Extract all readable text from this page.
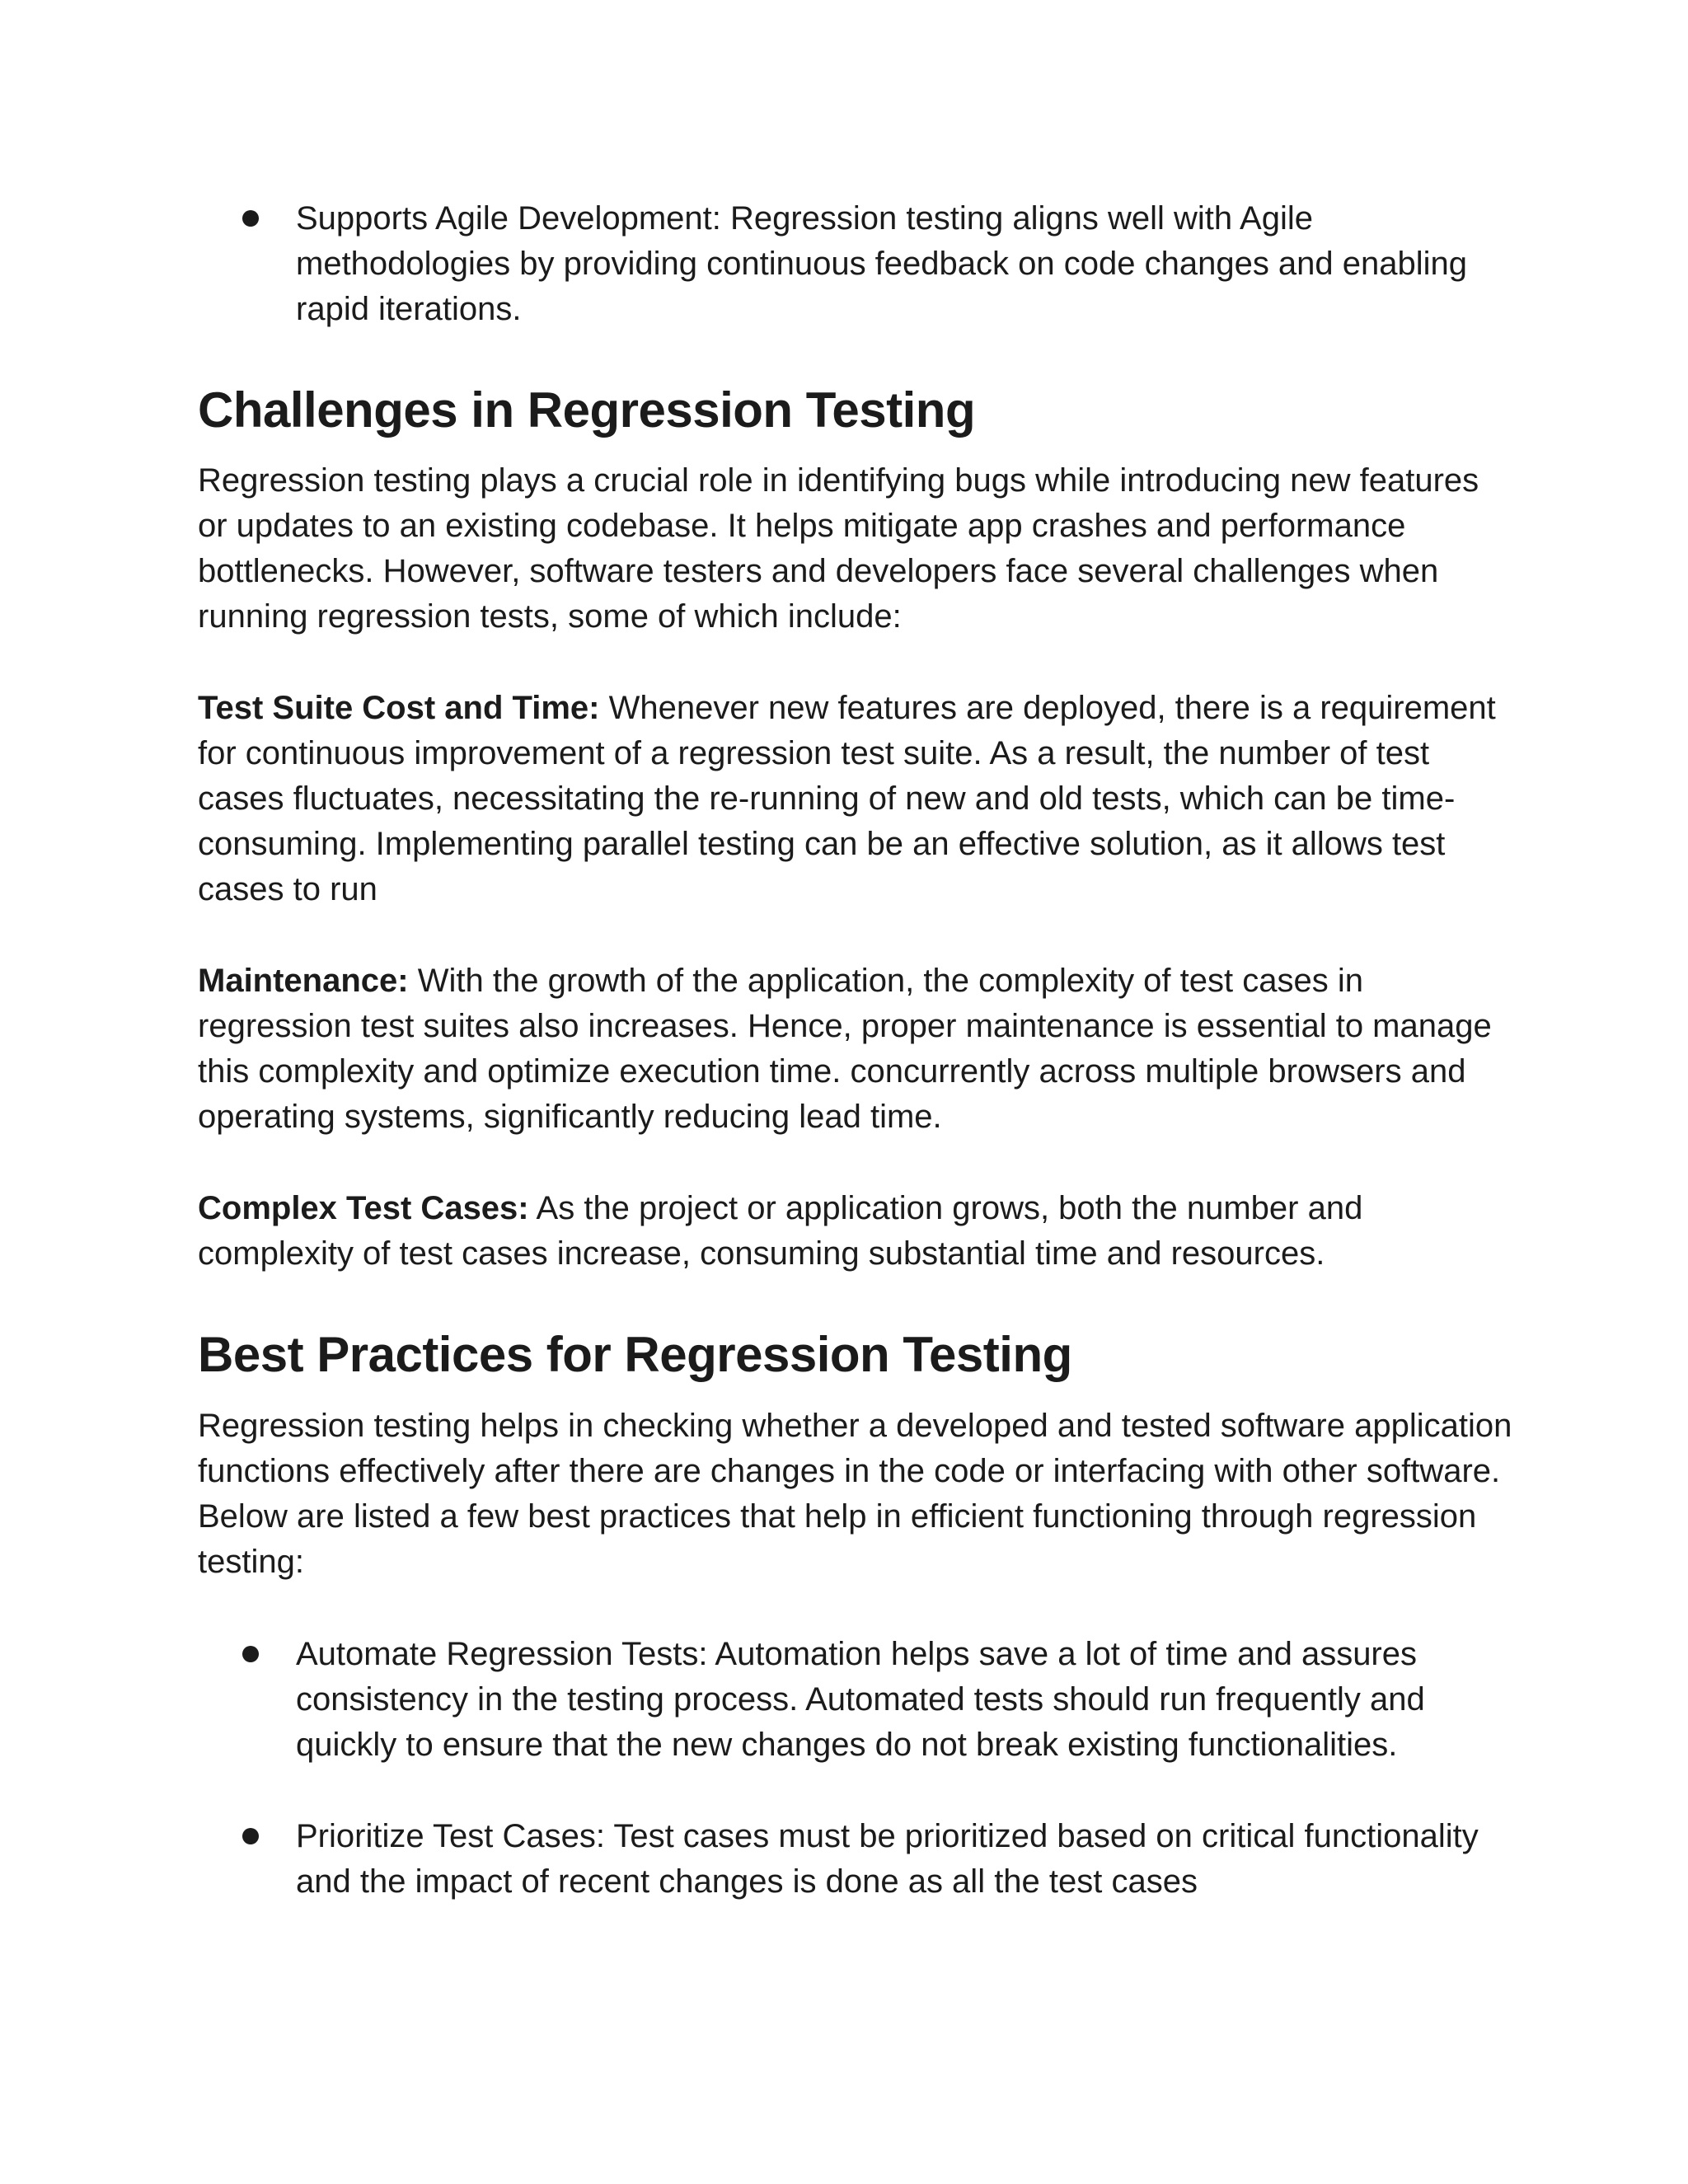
Supports Agile Development: Regression testing aligns well with Agile methodologies by providing continuous feedback on code changes and enabling rapid iterations.

Challenges in Regression Testing

Regression testing plays a crucial role in identifying bugs while introducing new features or updates to an existing codebase. It helps mitigate app crashes and performance bottlenecks. However, software testers and developers face several challenges when running regression tests, some of which include:

Test Suite Cost and Time: Whenever new features are deployed, there is a requirement for continuous improvement of a regression test suite. As a result, the number of test cases fluctuates, necessitating the re-running of new and old tests, which can be time-consuming. Implementing parallel testing can be an effective solution, as it allows test cases to run

Maintenance: With the growth of the application, the complexity of test cases in regression test suites also increases. Hence, proper maintenance is essential to manage this complexity and optimize execution time. concurrently across multiple browsers and operating systems, significantly reducing lead time.

Complex Test Cases: As the project or application grows, both the number and complexity of test cases increase, consuming substantial time and resources.

Best Practices for Regression Testing

Regression testing helps in checking whether a developed and tested software application functions effectively after there are changes in the code or interfacing with other software. Below are listed a few best practices that help in efficient functioning through regression testing:

Automate Regression Tests: Automation helps save a lot of time and assures consistency in the testing process. Automated tests should run frequently and quickly to ensure that the new changes do not break existing functionalities.

Prioritize Test Cases: Test cases must be prioritized based on critical functionality and the impact of recent changes is done as all the test cases
